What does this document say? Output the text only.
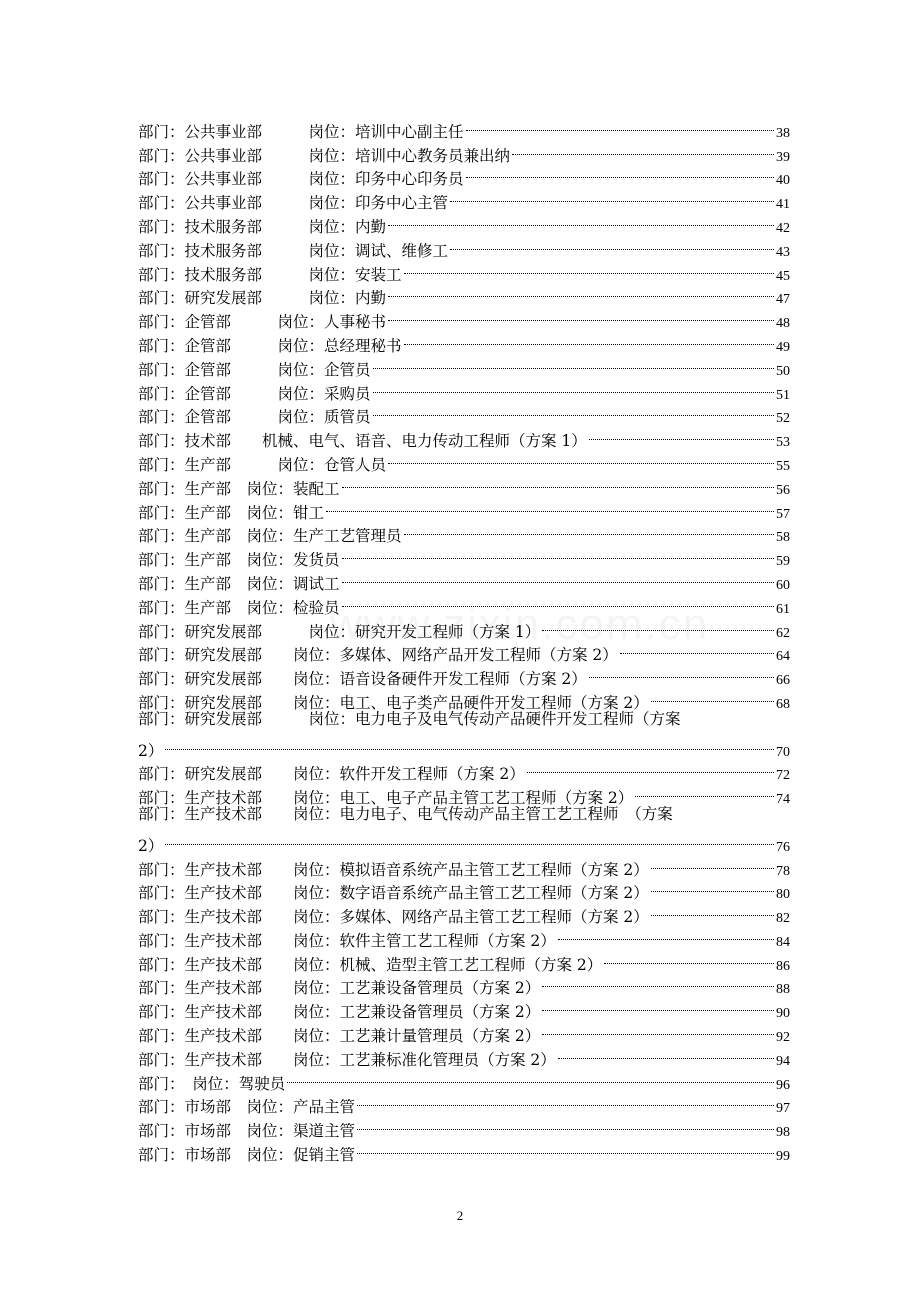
部门：公共事业部　　　岗位：培训中心副主任	38
部门：公共事业部　　　岗位：培训中心教务员兼出纳	39
部门：公共事业部　　　岗位：印务中心印务员	40
部门：公共事业部　　　岗位：印务中心主管	41
部门：技术服务部　　　岗位：内勤	42
部门：技术服务部　　　岗位：调试、维修工	43
部门：技术服务部　　　岗位：安装工	45
部门：研究发展部　　　岗位：内勤	47
部门：企管部　　　岗位：人事秘书	48
部门：企管部　　　岗位：总经理秘书	49
部门：企管部　　　岗位：企管员	50
部门：企管部　　　岗位：采购员	51
部门：企管部　　　岗位：质管员	52
部门：技术部　　机械、电气、语音、电力传动工程师（方案 1）	53
部门：生产部　　　岗位：仓管人员	55
部门：生产部　岗位：装配工	56
部门：生产部　岗位：钳工	57
部门：生产部　岗位：生产工艺管理员	58
部门：生产部　岗位：发货员	59
部门：生产部　岗位：调试工	60
部门：生产部　岗位：检验员	61
部门：研究发展部　　　岗位：研究开发工程师（方案 1）	62
部门：研究发展部　　岗位：多媒体、网络产品开发工程师（方案 2）	64
部门：研究发展部　　岗位：语音设备硬件开发工程师（方案 2）	66
部门：研究发展部　　岗位：电工、电子类产品硬件开发工程师（方案 2）	68
部门：研究发展部　　　岗位：电力电子及电气传动产品硬件开发工程师（方案
2）	70
部门：研究发展部　　岗位：软件开发工程师（方案 2）	72
部门：生产技术部　　岗位：电工、电子产品主管工艺工程师（方案 2）	74
部门：生产技术部　　岗位：电力电子、电气传动产品主管工艺工程师　（方案
2）	76
部门：生产技术部　　岗位：模拟语音系统产品主管工艺工程师（方案 2）	78
部门：生产技术部　　岗位：数字语音系统产品主管工艺工程师（方案 2）	80
部门：生产技术部　　岗位：多媒体、网络产品主管工艺工程师（方案 2）	82
部门：生产技术部　　岗位：软件主管工艺工程师（方案 2）	84
部门：生产技术部　　岗位：机械、造型主管工艺工程师（方案 2）	86
部门：生产技术部　　岗位：工艺兼设备管理员（方案 2）	88
部门：生产技术部　　岗位：工艺兼设备管理员（方案 2）	90
部门：生产技术部　　岗位：工艺兼计量管理员（方案 2）	92
部门：生产技术部　　岗位：工艺兼标准化管理员（方案 2）	94
部门：　岗位：驾驶员	96
部门：市场部　岗位：产品主管	97
部门：市场部　岗位：渠道主管	98
部门：市场部　岗位：促销主管	99
2
